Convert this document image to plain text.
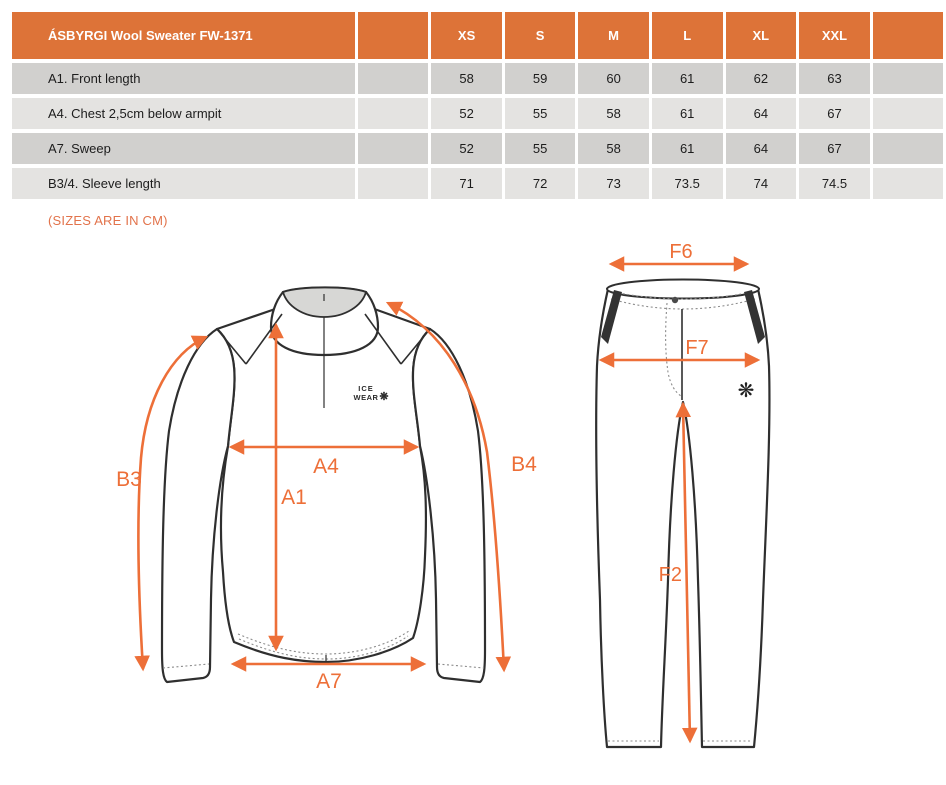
ÁSBYRGI Wool Sweater FW-1371		XS	S	M	L	XL	XXL	
A1. Front length		58	59	60	61	62	63	
A4. Chest 2,5cm below armpit		52	55	58	61	64	67	
A7. Sweep		52	55	58	61	64	67	
B3/4. Sleeve length		71	72	73	73.5	74	74.5	
(SIZES ARE IN CM)
ICE
WEAR ❋
B3
A4
A1
B4
A7
❋
F6
F7
F2
